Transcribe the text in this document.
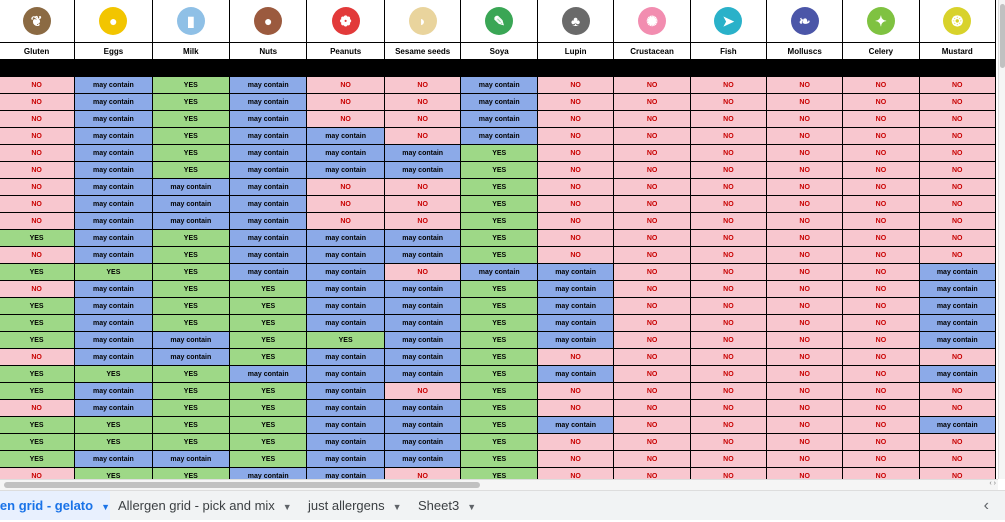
❦	●	▮	●	❁	◗	✎	♣	✺	➤	❧	✦	❂

Gluten	Eggs	Milk	Nuts	Peanuts	Sesame seeds	Soya	Lupin	Crustacean	Fish	Molluscs	Celery	Mustard

NO	may contain	YES	may contain	NO	NO	may contain	NO	NO	NO	NO	NO	NO
NO	may contain	YES	may contain	NO	NO	may contain	NO	NO	NO	NO	NO	NO
NO	may contain	YES	may contain	NO	NO	may contain	NO	NO	NO	NO	NO	NO
NO	may contain	YES	may contain	may contain	NO	may contain	NO	NO	NO	NO	NO	NO
NO	may contain	YES	may contain	may contain	may contain	YES	NO	NO	NO	NO	NO	NO
NO	may contain	YES	may contain	may contain	may contain	YES	NO	NO	NO	NO	NO	NO
NO	may contain	may contain	may contain	NO	NO	YES	NO	NO	NO	NO	NO	NO
NO	may contain	may contain	may contain	NO	NO	YES	NO	NO	NO	NO	NO	NO
NO	may contain	may contain	may contain	NO	NO	YES	NO	NO	NO	NO	NO	NO
YES	may contain	YES	may contain	may contain	may contain	YES	NO	NO	NO	NO	NO	NO
NO	may contain	YES	may contain	may contain	may contain	YES	NO	NO	NO	NO	NO	NO
YES	YES	YES	may contain	may contain	NO	may contain	may contain	NO	NO	NO	NO	may contain
NO	may contain	YES	YES	may contain	may contain	YES	may contain	NO	NO	NO	NO	may contain
YES	may contain	YES	YES	may contain	may contain	YES	may contain	NO	NO	NO	NO	may contain
YES	may contain	YES	YES	may contain	may contain	YES	may contain	NO	NO	NO	NO	may contain
YES	may contain	may contain	YES	YES	may contain	YES	may contain	NO	NO	NO	NO	may contain
NO	may contain	may contain	YES	may contain	may contain	YES	NO	NO	NO	NO	NO	NO
YES	YES	YES	may contain	may contain	may contain	YES	may contain	NO	NO	NO	NO	may contain
YES	may contain	YES	YES	may contain	NO	YES	NO	NO	NO	NO	NO	NO
NO	may contain	YES	YES	may contain	may contain	YES	NO	NO	NO	NO	NO	NO
YES	YES	YES	YES	may contain	may contain	YES	may contain	NO	NO	NO	NO	may contain
YES	YES	YES	YES	may contain	may contain	YES	NO	NO	NO	NO	NO	NO
YES	may contain	may contain	YES	may contain	may contain	YES	NO	NO	NO	NO	NO	NO
NO	YES	YES	may contain	may contain	NO	YES	NO	NO	NO	NO	NO	NO
‹ ›
en grid - gelato ▼ Allergen grid - pick and mix ▼	just allergens ▼	Sheet3 ▼	‹
